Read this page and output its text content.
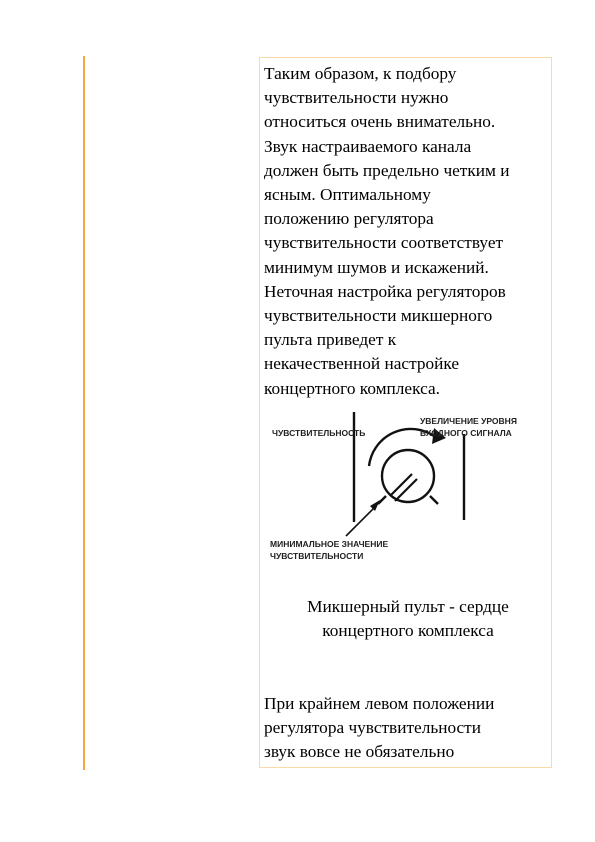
Таким образом, к подбору
чувствительности нужно
относиться очень внимательно.
Звук настраиваемого канала
должен быть предельно четким и
ясным. Оптимальному
положению регулятора
чувствительности соответствует
минимум шумов и искажений.
Неточная настройка регуляторов
чувствительности микшерного
пульта приведет к
некачественной настройке
концертного комплекса.

ЧУВСТВИТЕЛЬНОСТЬ
УВЕЛИЧЕНИЕ УРОВНЯ
ВХОДНОГО СИГНАЛА
МИНИМАЛЬНОЕ ЗНАЧЕНИЕ
ЧУВСТВИТЕЛЬНОСТИ

Микшерный пульт - сердце
концертного комплекса

При крайнем левом положении
регулятора чувствительности
звук вовсе не обязательно
